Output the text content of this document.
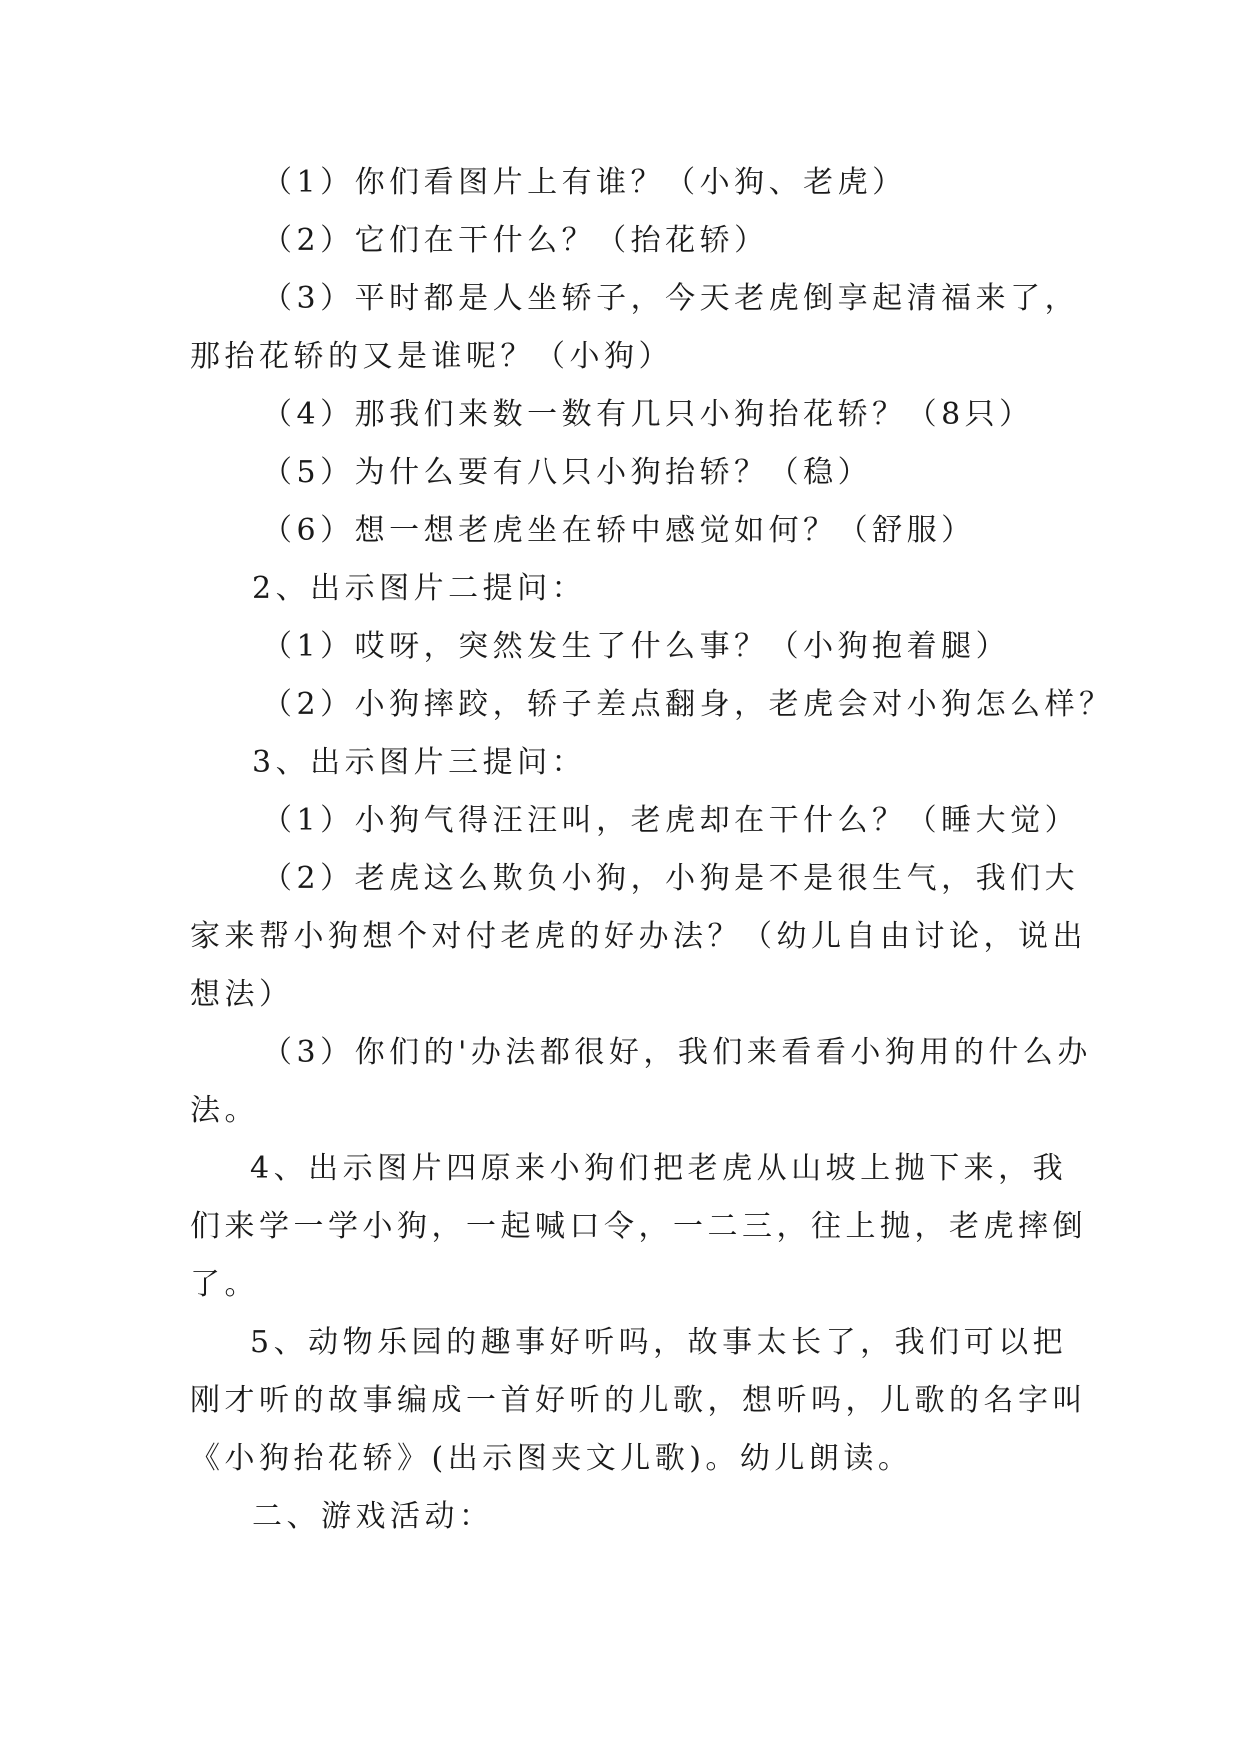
（1）你们看图片上有谁？（小狗、老虎）
（2）它们在干什么？（抬花轿）
（3）平时都是人坐轿子，今天老虎倒享起清福来了，
那抬花轿的又是谁呢？（小狗）
（4）那我们来数一数有几只小狗抬花轿？（8只）
（5）为什么要有八只小狗抬轿？（稳）
（6）想一想老虎坐在轿中感觉如何？（舒服）
2、出示图片二提问：
（1）哎呀，突然发生了什么事？（小狗抱着腿）
（2）小狗摔跤，轿子差点翻身，老虎会对小狗怎么样？
3、出示图片三提问：
（1）小狗气得汪汪叫，老虎却在干什么？（睡大觉）
（2）老虎这么欺负小狗，小狗是不是很生气，我们大
家来帮小狗想个对付老虎的好办法？（幼儿自由讨论，说出
想法）
（3）你们的'办法都很好，我们来看看小狗用的什么办
法。
4、出示图片四原来小狗们把老虎从山坡上抛下来，我
们来学一学小狗，一起喊口令，一二三，往上抛，老虎摔倒
了。
5、动物乐园的趣事好听吗，故事太长了，我们可以把
刚才听的故事编成一首好听的儿歌，想听吗，儿歌的名字叫
《小狗抬花轿》(出示图夹文儿歌)。幼儿朗读。
二、游戏活动：
